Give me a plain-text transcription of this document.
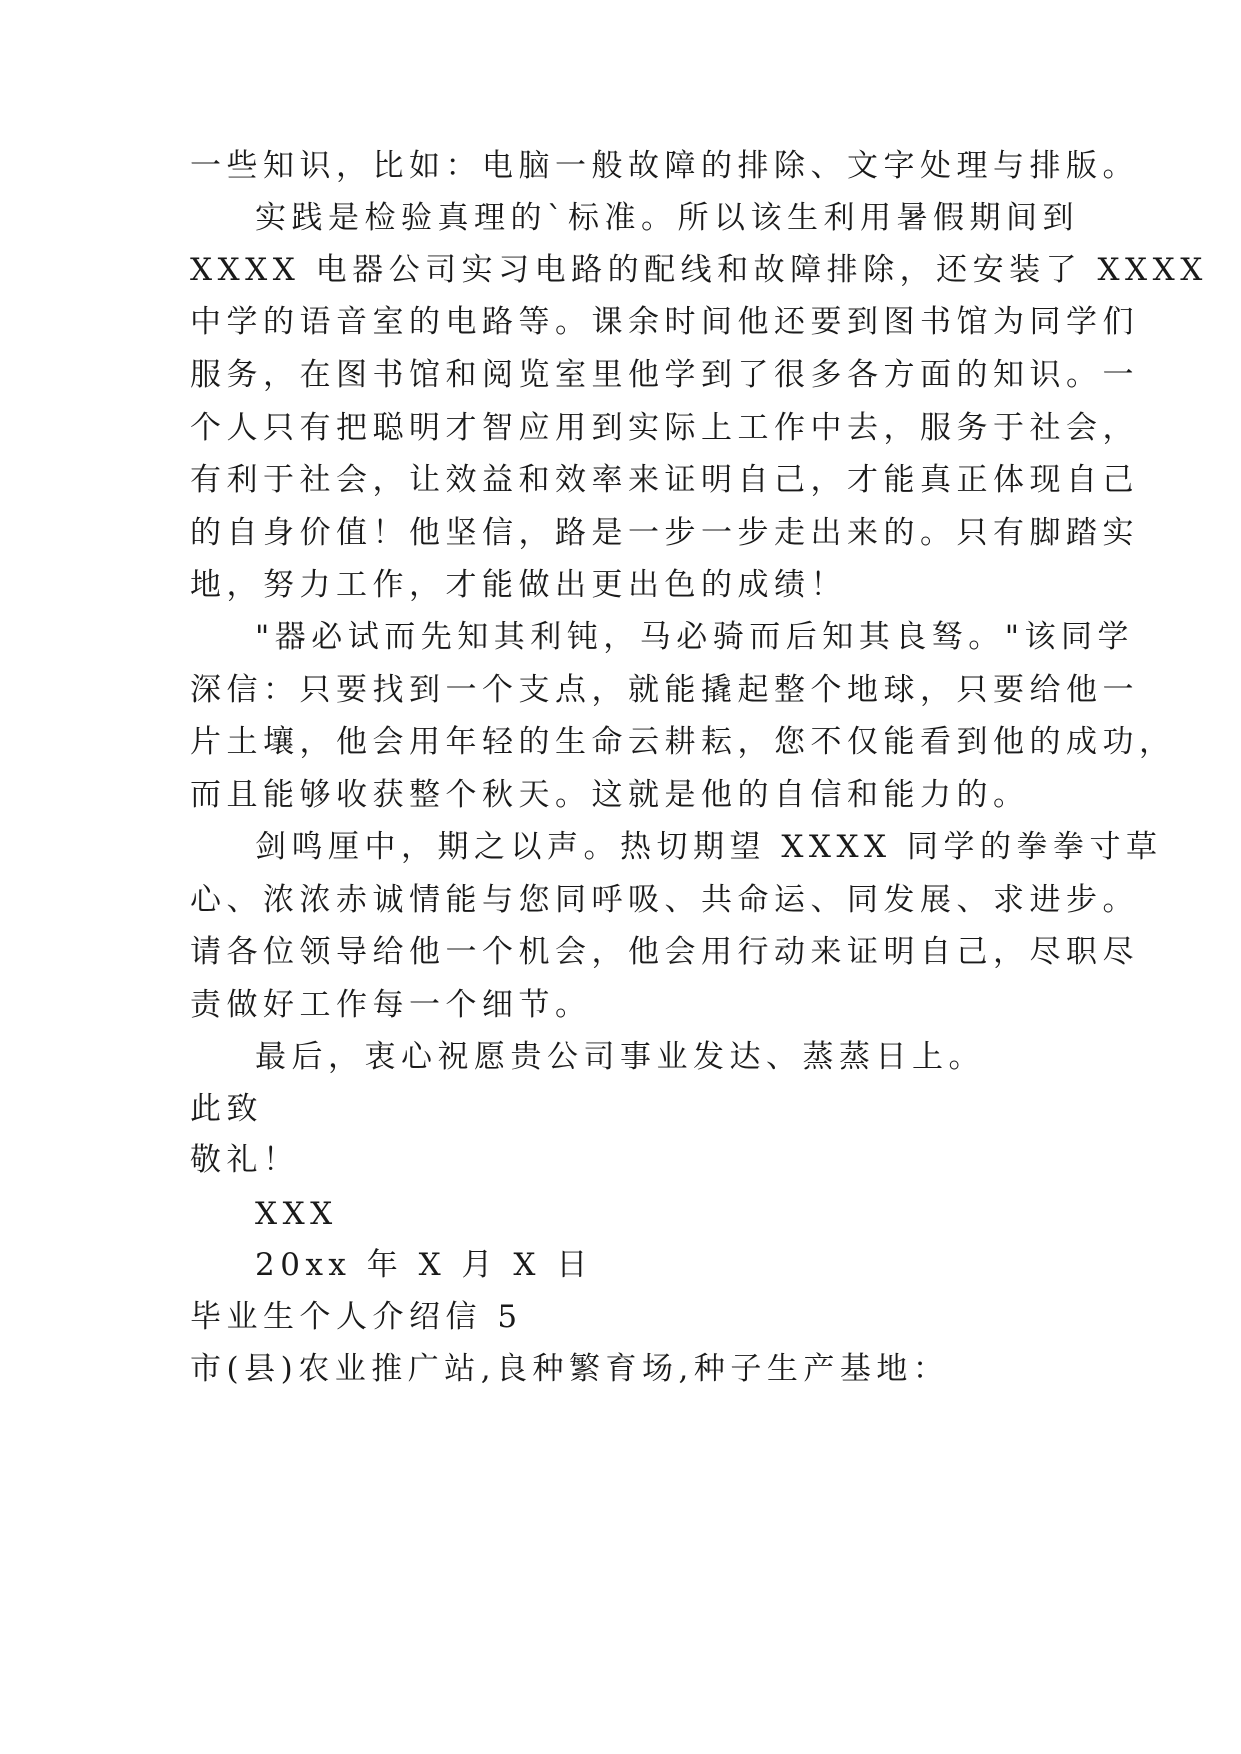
一些知识，比如：电脑一般故障的排除、文字处理与排版。
实践是检验真理的`标准。所以该生利用暑假期间到
XXXX 电器公司实习电路的配线和故障排除，还安装了 XXXX
中学的语音室的电路等。课余时间他还要到图书馆为同学们
服务，在图书馆和阅览室里他学到了很多各方面的知识。一
个人只有把聪明才智应用到实际上工作中去，服务于社会，
有利于社会，让效益和效率来证明自己，才能真正体现自己
的自身价值！他坚信，路是一步一步走出来的。只有脚踏实
地，努力工作，才能做出更出色的成绩！
"器必试而先知其利钝，马必骑而后知其良驽。"该同学
深信：只要找到一个支点，就能撬起整个地球，只要给他一
片土壤，他会用年轻的生命云耕耘，您不仅能看到他的成功，
而且能够收获整个秋天。这就是他的自信和能力的。
剑鸣厘中，期之以声。热切期望 XXXX 同学的拳拳寸草
心、浓浓赤诚情能与您同呼吸、共命运、同发展、求进步。
请各位领导给他一个机会，他会用行动来证明自己，尽职尽
责做好工作每一个细节。
最后，衷心祝愿贵公司事业发达、蒸蒸日上。
此致
敬礼！
XXX
20xx 年 X 月 X 日
毕业生个人介绍信 5
市(县)农业推广站,良种繁育场,种子生产基地：
